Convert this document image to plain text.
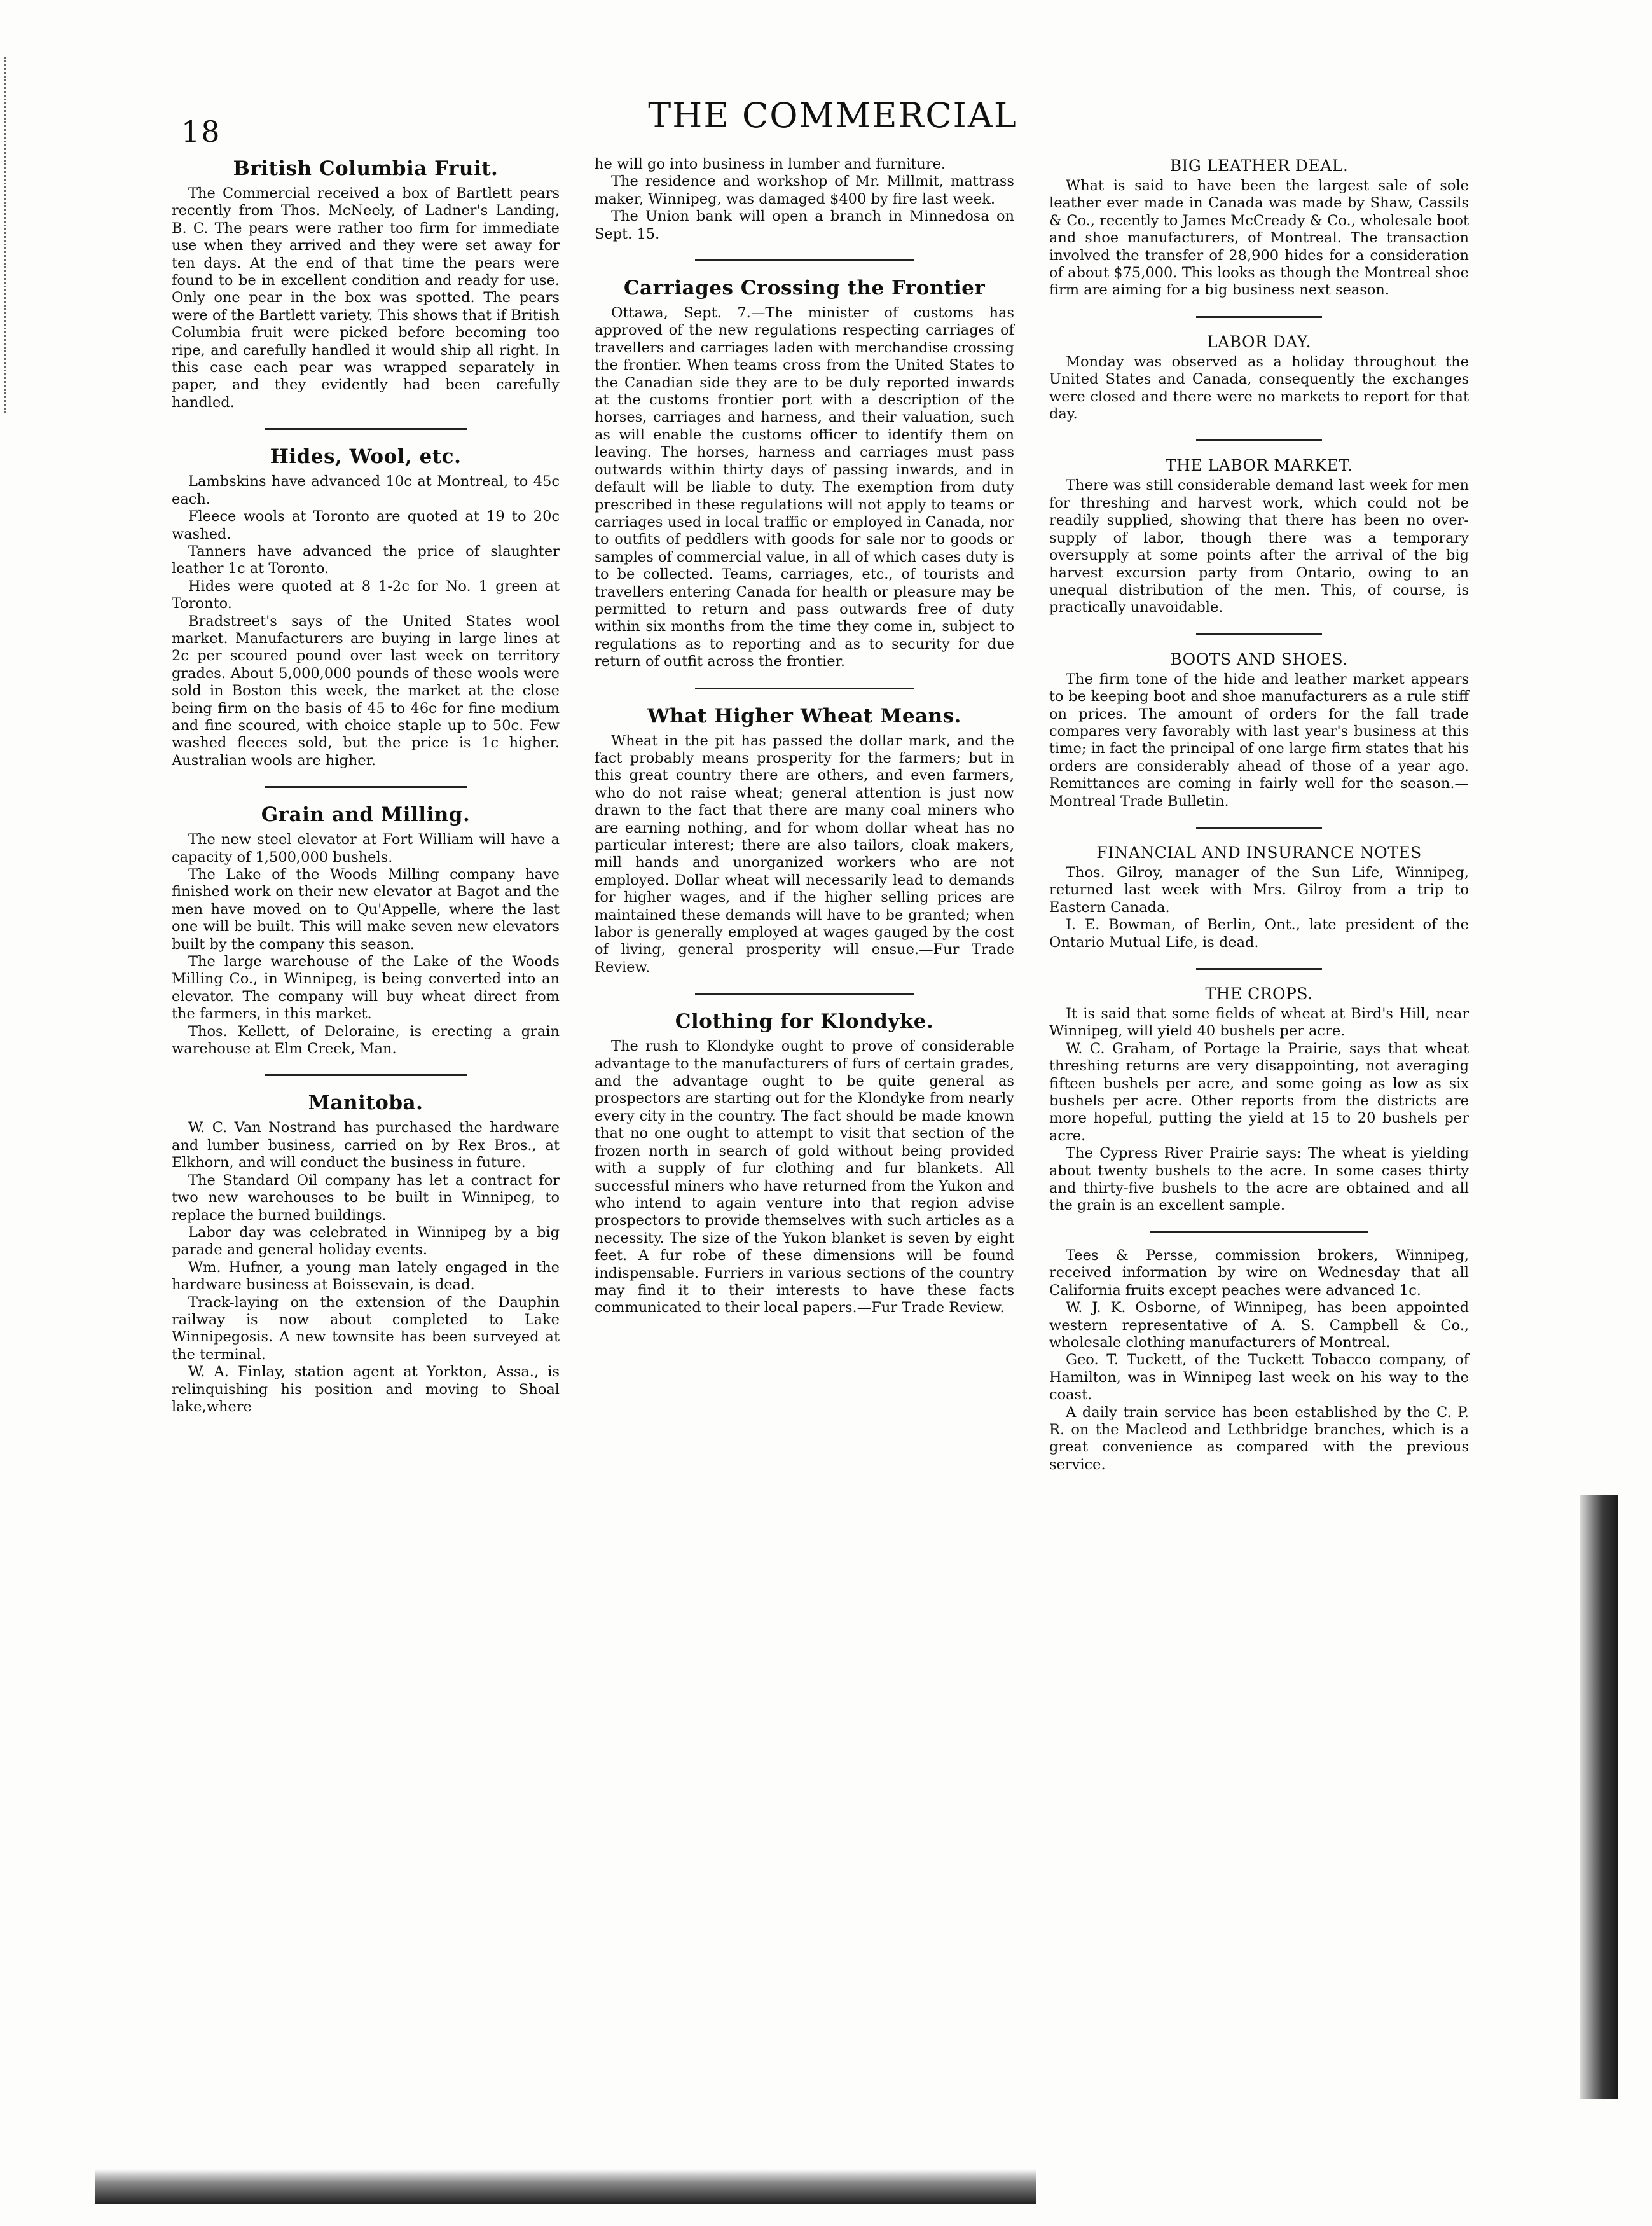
18	THE COMMERCIAL
British Columbia Fruit.

The Commercial received a box of Bartlett pears recently from Thos. McNeely, of Ladner's Landing, B. C. The pears were rather too firm for immediate use when they arrived and they were set away for ten days. At the end of that time the pears were found to be in excellent condition and ready for use. Only one pear in the box was spotted. The pears were of the Bartlett variety. This shows that if British Columbia fruit were picked before becoming too ripe, and carefully handled it would ship all right. In this case each pear was wrapped separately in paper, and they evidently had been carefully handled.

Hides, Wool, etc.

Lambskins have advanced 10c at Montreal, to 45c each.

Fleece wools at Toronto are quoted at 19 to 20c washed.

Tanners have advanced the price of slaughter leather 1c at Toronto.

Hides were quoted at 8 1-2c for No. 1 green at Toronto.

Bradstreet's says of the United States wool market. Manufacturers are buying in large lines at 2c per scoured pound over last week on territory grades. About 5,000,000 pounds of these wools were sold in Boston this week, the market at the close being firm on the basis of 45 to 46c for fine medium and fine scoured, with choice staple up to 50c. Few washed fleeces sold, but the price is 1c higher. Australian wools are higher.

Grain and Milling.

The new steel elevator at Fort William will have a capacity of 1,500,000 bushels.

The Lake of the Woods Milling company have finished work on their new elevator at Bagot and the men have moved on to Qu'Appelle, where the last one will be built. This will make seven new elevators built by the company this season.

The large warehouse of the Lake of the Woods Milling Co., in Winnipeg, is being converted into an elevator. The company will buy wheat direct from the farmers, in this market.

Thos. Kellett, of Deloraine, is erecting a grain warehouse at Elm Creek, Man.

Manitoba.

W. C. Van Nostrand has purchased the hardware and lumber business, carried on by Rex Bros., at Elkhorn, and will conduct the business in future.

The Standard Oil company has let a contract for two new warehouses to be built in Winnipeg, to replace the burned buildings.

Labor day was celebrated in Winnipeg by a big parade and general holiday events.

Wm. Hufner, a young man lately engaged in the hardware business at Boissevain, is dead.

Track-laying on the extension of the Dauphin railway is now about completed to Lake Winnipegosis. A new townsite has been surveyed at the terminal.

W. A. Finlay, station agent at Yorkton, Assa., is relinquishing his position and moving to Shoal lake,where

he will go into business in lumber and furniture.

The residence and workshop of Mr. Millmit, mattrass maker, Winnipeg, was damaged $400 by fire last week.

The Union bank will open a branch in Minnedosa on Sept. 15.

Carriages Crossing the Frontier

Ottawa, Sept. 7.—The minister of customs has approved of the new regulations respecting carriages of travellers and carriages laden with merchandise crossing the frontier. When teams cross from the United States to the Canadian side they are to be duly reported inwards at the customs frontier port with a description of the horses, carriages and harness, and their valuation, such as will enable the customs officer to identify them on leaving. The horses, harness and carriages must pass outwards within thirty days of passing inwards, and in default will be liable to duty. The exemption from duty prescribed in these regulations will not apply to teams or carriages used in local traffic or employed in Canada, nor to outfits of peddlers with goods for sale nor to goods or samples of commercial value, in all of which cases duty is to be collected. Teams, carriages, etc., of tourists and travellers entering Canada for health or pleasure may be permitted to return and pass outwards free of duty within six months from the time they come in, subject to regulations as to reporting and as to security for due return of outfit across the frontier.

What Higher Wheat Means.

Wheat in the pit has passed the dollar mark, and the fact probably means prosperity for the farmers; but in this great country there are others, and even farmers, who do not raise wheat; general attention is just now drawn to the fact that there are many coal miners who are earning nothing, and for whom dollar wheat has no particular interest; there are also tailors, cloak makers, mill hands and unorganized workers who are not employed. Dollar wheat will necessarily lead to demands for higher wages, and if the higher selling prices are maintained these demands will have to be granted; when labor is generally employed at wages gauged by the cost of living, general prosperity will ensue.—Fur Trade Review.

Clothing for Klondyke.

The rush to Klondyke ought to prove of considerable advantage to the manufacturers of furs of certain grades, and the advantage ought to be quite general as prospectors are starting out for the Klondyke from nearly every city in the country. The fact should be made known that no one ought to attempt to visit that section of the frozen north in search of gold without being provided with a supply of fur clothing and fur blankets. All successful miners who have returned from the Yukon and who intend to again venture into that region advise prospectors to provide themselves with such articles as a necessity. The size of the Yukon blanket is seven by eight feet. A fur robe of these dimensions will be found indispensable. Furriers in various sections of the country may find it to their interests to have these facts communicated to their local papers.—Fur Trade Review.

BIG LEATHER DEAL.

What is said to have been the largest sale of sole leather ever made in Canada was made by Shaw, Cassils & Co., recently to James McCready & Co., wholesale boot and shoe manufacturers, of Montreal. The transaction involved the transfer of 28,900 hides for a consideration of about $75,000. This looks as though the Montreal shoe firm are aiming for a big business next season.

LABOR DAY.

Monday was observed as a holiday throughout the United States and Canada, consequently the exchanges were closed and there were no markets to report for that day.

THE LABOR MARKET.

There was still considerable demand last week for men for threshing and harvest work, which could not be readily supplied, showing that there has been no over-supply of labor, though there was a temporary oversupply at some points after the arrival of the big harvest excursion party from Ontario, owing to an unequal distribution of the men. This, of course, is practically unavoidable.

BOOTS AND SHOES.

The firm tone of the hide and leather market appears to be keeping boot and shoe manufacturers as a rule stiff on prices. The amount of orders for the fall trade compares very favorably with last year's business at this time; in fact the principal of one large firm states that his orders are considerably ahead of those of a year ago. Remittances are coming in fairly well for the season.—Montreal Trade Bulletin.

FINANCIAL AND INSURANCE NOTES

Thos. Gilroy, manager of the Sun Life, Winnipeg, returned last week with Mrs. Gilroy from a trip to Eastern Canada.

I. E. Bowman, of Berlin, Ont., late president of the Ontario Mutual Life, is dead.

THE CROPS.

It is said that some fields of wheat at Bird's Hill, near Winnipeg, will yield 40 bushels per acre.

W. C. Graham, of Portage la Prairie, says that wheat threshing returns are very disappointing, not averaging fifteen bushels per acre, and some going as low as six bushels per acre. Other reports from the districts are more hopeful, putting the yield at 15 to 20 bushels per acre.

The Cypress River Prairie says: The wheat is yielding about twenty bushels to the acre. In some cases thirty and thirty-five bushels to the acre are obtained and all the grain is an excellent sample.

Tees & Persse, commission brokers, Winnipeg, received information by wire on Wednesday that all California fruits except peaches were advanced 1c.

W. J. K. Osborne, of Winnipeg, has been appointed western representative of A. S. Campbell & Co., wholesale clothing manufacturers of Montreal.

Geo. T. Tuckett, of the Tuckett Tobacco company, of Hamilton, was in Winnipeg last week on his way to the coast.

A daily train service has been established by the C. P. R. on the Macleod and Lethbridge branches, which is a great convenience as compared with the previous service.
